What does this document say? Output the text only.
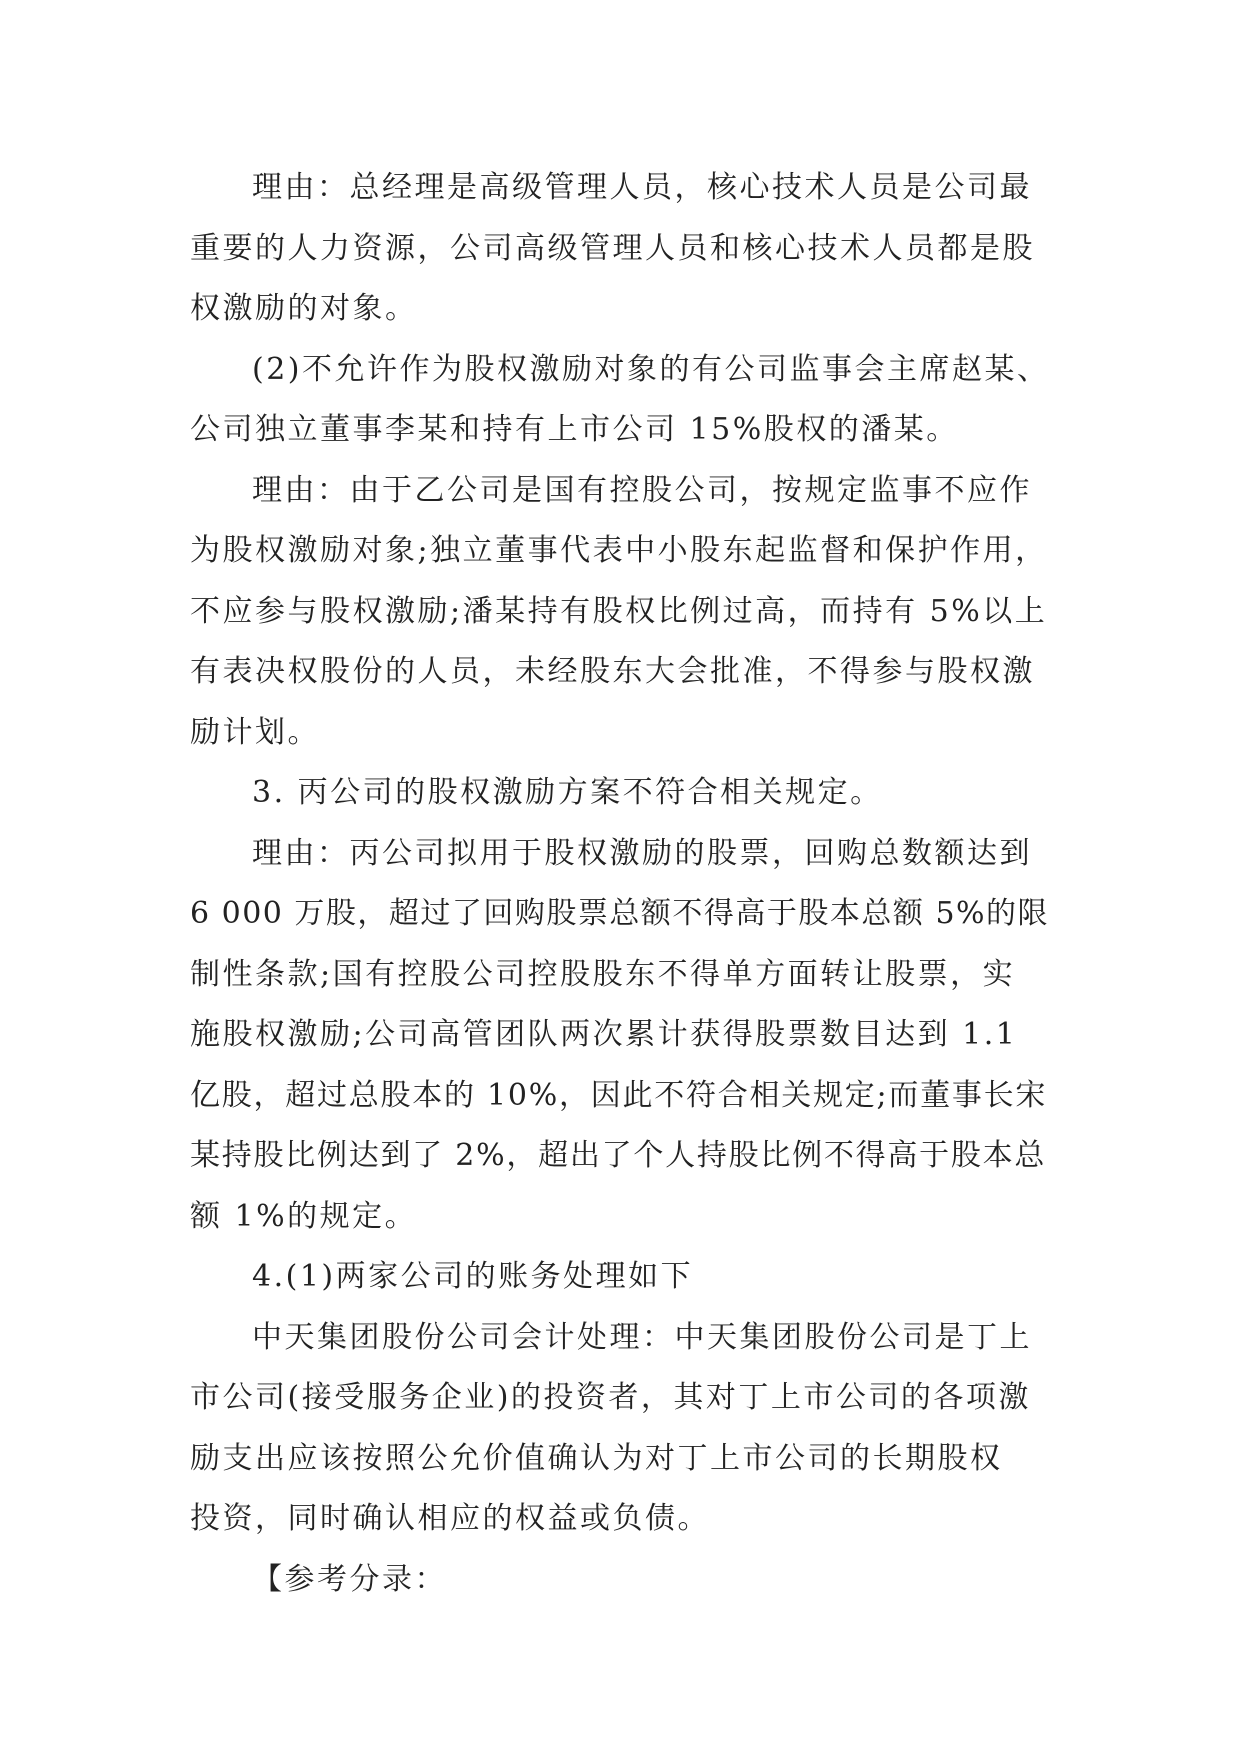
理由：总经理是高级管理人员，核心技术人员是公司最
重要的人力资源，公司高级管理人员和核心技术人员都是股
权激励的对象。
(2)不允许作为股权激励对象的有公司监事会主席赵某、
公司独立董事李某和持有上市公司 15%股权的潘某。
理由：由于乙公司是国有控股公司，按规定监事不应作
为股权激励对象;独立董事代表中小股东起监督和保护作用，
不应参与股权激励;潘某持有股权比例过高，而持有 5%以上
有表决权股份的人员，未经股东大会批准，不得参与股权激
励计划。
3. 丙公司的股权激励方案不符合相关规定。
理由：丙公司拟用于股权激励的股票，回购总数额达到
6 000 万股，超过了回购股票总额不得高于股本总额 5%的限
制性条款;国有控股公司控股股东不得单方面转让股票，实
施股权激励;公司高管团队两次累计获得股票数目达到 1.1
亿股，超过总股本的 10%，因此不符合相关规定;而董事长宋
某持股比例达到了 2%，超出了个人持股比例不得高于股本总
额 1%的规定。
4.(1)两家公司的账务处理如下
中天集团股份公司会计处理：中天集团股份公司是丁上
市公司(接受服务企业)的投资者，其对丁上市公司的各项激
励支出应该按照公允价值确认为对丁上市公司的长期股权
投资，同时确认相应的权益或负债。
【参考分录：
